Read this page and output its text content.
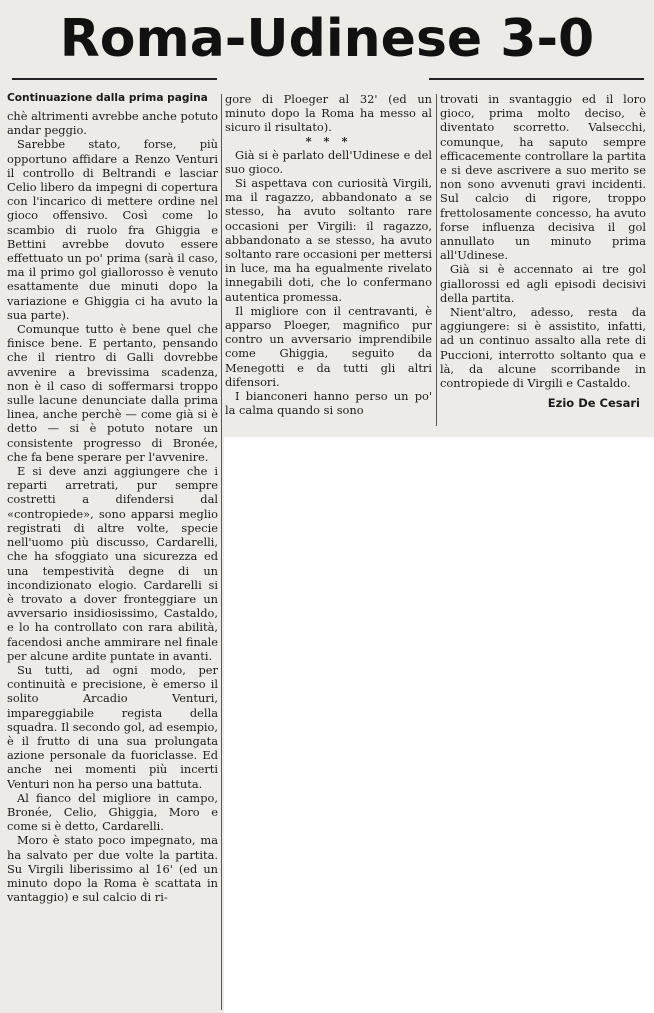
Roma-Udinese 3-0
Continuazione dalla prima pagina

chè altrimenti avrebbe anche potuto andar peggio.

Sarebbe stato, forse, più opportuno affidare a Renzo Venturi il controllo di Beltrandi e lasciar Celio libero da impegni di copertura con l'incarico di mettere ordine nel gioco offensivo. Così come lo scambio di ruolo fra Ghiggia e Bettini avrebbe dovuto essere effettuato un po' prima (sarà il caso, ma il primo gol giallorosso è venuto esattamente due minuti dopo la variazione e Ghiggia ci ha avuto la sua parte).

Comunque tutto è bene quel che finisce bene. E pertanto, pensando che il rientro di Galli dovrebbe avvenire a brevissima scadenza, non è il caso di soffermarsi troppo sulle lacune denunciate dalla prima linea, anche perchè — come già si è detto — si è potuto notare un consistente progresso di Bronée, che fa bene sperare per l'avvenire.

E si deve anzi aggiungere che i reparti arretrati, pur sempre costretti a difendersi dal «contropiede», sono apparsi meglio registrati di altre volte, specie nell'uomo più discusso, Cardarelli, che ha sfoggiato una sicurezza ed una tempestività degne di un incondizionato elogio. Cardarelli si è trovato a dover fronteggiare un avversario insidiosissimo, Castaldo, e lo ha controllato con rara abilità, facendosi anche ammirare nel finale per alcune ardite puntate in avanti.

Su tutti, ad ogni modo, per continuità e precisione, è emerso il solito Arcadio Venturi, impareggiabile regista della squadra. Il secondo gol, ad esempio, è il frutto di una sua prolungata azione personale da fuoriclasse. Ed anche nei momenti più incerti Venturi non ha perso una battuta.

Al fianco del migliore in campo, Bronée, Celio, Ghiggia, Moro e come si è detto, Cardarelli.

Moro è stato poco impegnato, ma ha salvato per due volte la partita. Su Virgili liberissimo al 16' (ed un minuto dopo la Roma è scattata in vantaggio) e sul calcio di ri-

gore di Ploeger al 32' (ed un minuto dopo la Roma ha messo al sicuro il risultato).

* * *

Già si è parlato dell'Udinese e del suo gioco.

Si aspettava con curiosità Virgili, ma il ragazzo, abbandonato a se stesso, ha avuto soltanto rare occasioni per Virgili: il ragazzo, abbandonato a se stesso, ha avuto soltanto rare occasioni per mettersi in luce, ma ha egualmente rivelato innegabili doti, che lo confermano autentica promessa.

Il migliore con il centravanti, è apparso Ploeger, magnifico pur contro un avversario imprendibile come Ghiggia, seguito da Menegotti e da tutti gli altri difensori.

I bianconeri hanno perso un po' la calma quando si sono

trovati in svantaggio ed il loro gioco, prima molto deciso, è diventato scorretto. Valsecchi, comunque, ha saputo sempre efficacemente controllare la partita e si deve ascrivere a suo merito se non sono avvenuti gravi incidenti. Sul calcio di rigore, troppo frettolosamente concesso, ha avuto forse influenza decisiva il gol annullato un minuto prima all'Udinese.

Già si è accennato ai tre gol giallorossi ed agli episodi decisivi della partita.

Nient'altro, adesso, resta da aggiungere: si è assistito, infatti, ad un continuo assalto alla rete di Puccioni, interrotto soltanto qua e là, da alcune scorribande in contropiede di Virgili e Castaldo.

Ezio De Cesari
